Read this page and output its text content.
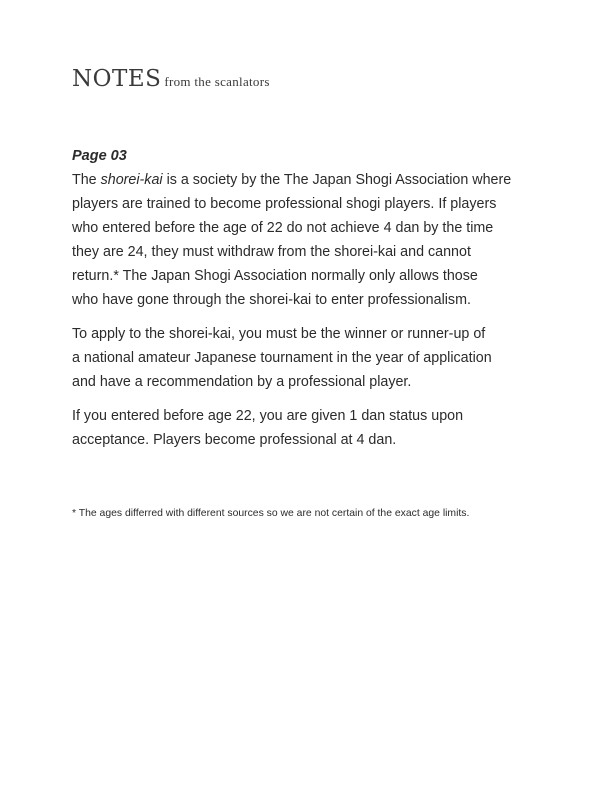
NOTES from the scanlators
Page 03

The shorei-kai is a society by the The Japan Shogi Association where
players are trained to become professional shogi players. If players
who entered before the age of 22 do not achieve 4 dan by the time
they are 24, they must withdraw from the shorei-kai and cannot
return.* The Japan Shogi Association normally only allows those
who have gone through the shorei-kai to enter professionalism.

To apply to the shorei-kai, you must be the winner or runner-up of
a national amateur Japanese tournament in the year of application
and have a recommendation by a professional player.

If you entered before age 22, you are given 1 dan status upon
acceptance. Players become professional at 4 dan.

* The ages differred with different sources so we are not certain of the exact age limits.
